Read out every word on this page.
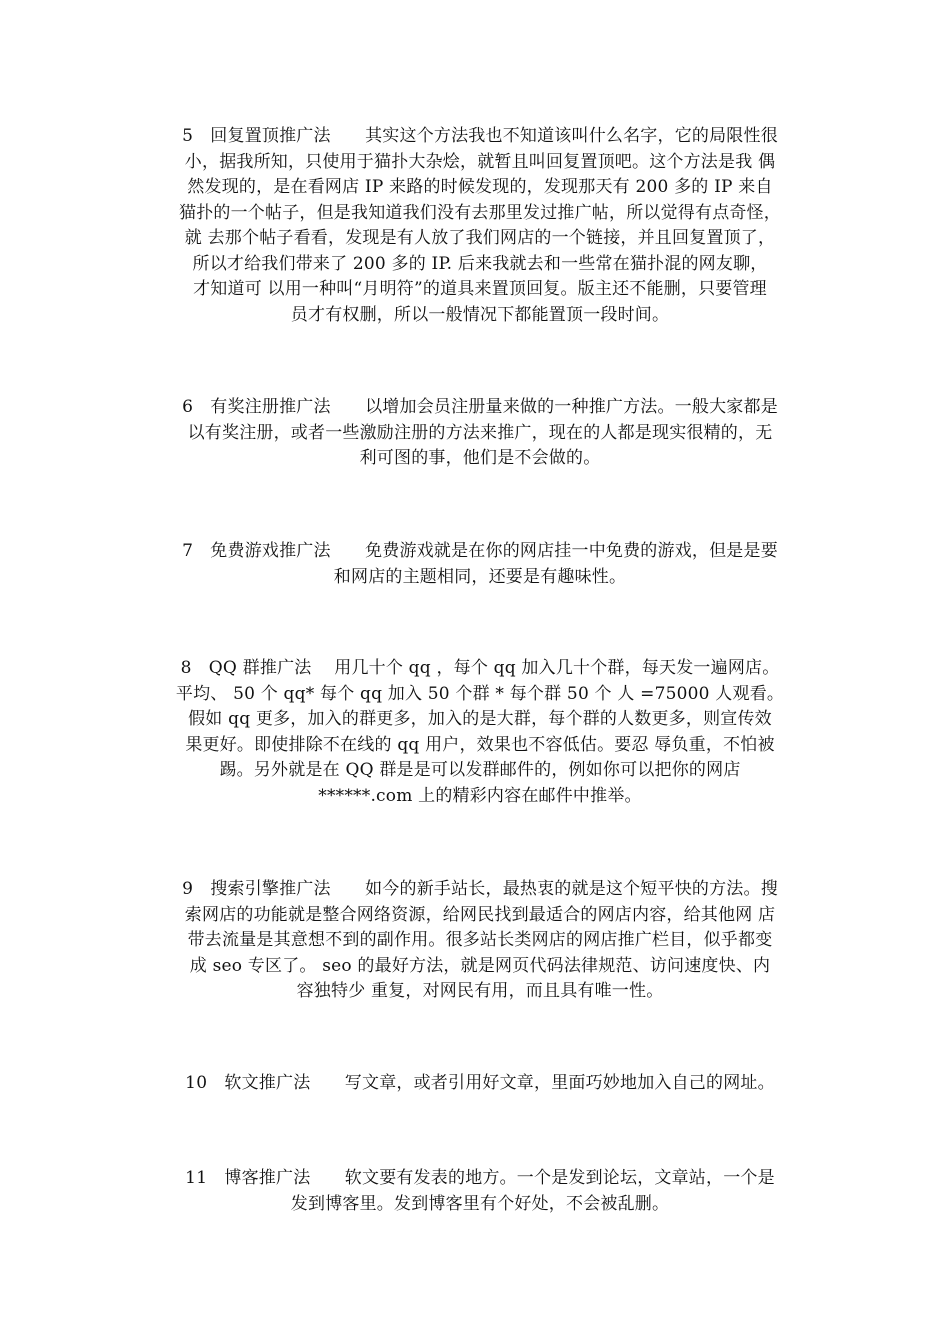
5　回复置顶推广法　　其实这个方法我也不知道该叫什么名字，它的局限性很
小，据我所知，只使用于猫扑大杂烩，就暂且叫回复置顶吧。这个方法是我 偶
然发现的，是在看网店 IP 来路的时候发现的，发现那天有 200 多的 IP 来自
猫扑的一个帖子，但是我知道我们没有去那里发过推广帖，所以觉得有点奇怪，
就 去那个帖子看看，发现是有人放了我们网店的一个链接，并且回复置顶了，
所以才给我们带来了 200 多的 IP. 后来我就去和一些常在猫扑混的网友聊，
才知道可 以用一种叫“月明符”的道具来置顶回复。版主还不能删，只要管理
员才有权删，所以一般情况下都能置顶一段时间。
6　有奖注册推广法　　以增加会员注册量来做的一种推广方法。一般大家都是
以有奖注册，或者一些激励注册的方法来推广，现在的人都是现实很精的，无
利可图的事，他们是不会做的。
7　免费游戏推广法　　免费游戏就是在你的网店挂一中免费的游戏，但是是要
和网店的主题相同，还要是有趣味性。
8　QQ 群推广法　 用几十个 qq ，每个 qq 加入几十个群，每天发一遍网店。
平均、 50 个 qq* 每个 qq 加入 50 个群 * 每个群 50 个 人 =75000 人观看。
假如 qq 更多，加入的群更多，加入的是大群，每个群的人数更多，则宣传效
果更好。即使排除不在线的 qq 用户，效果也不容低估。要忍 辱负重，不怕被
踢。另外就是在 QQ 群是是可以发群邮件的，例如你可以把你的网店
******.com 上的精彩内容在邮件中推举。
9　搜索引擎推广法　　如今的新手站长，最热衷的就是这个短平快的方法。搜
索网店的功能就是整合网络资源，给网民找到最适合的网店内容，给其他网 店
带去流量是其意想不到的副作用。很多站长类网店的网店推广栏目，似乎都变
成 seo 专区了。 seo 的最好方法，就是网页代码法律规范、访问速度快、内
容独特少 重复，对网民有用，而且具有唯一性。
10　软文推广法　　写文章，或者引用好文章，里面巧妙地加入自己的网址。
11　博客推广法　　软文要有发表的地方。一个是发到论坛，文章站，一个是
发到博客里。发到博客里有个好处，不会被乱删。
